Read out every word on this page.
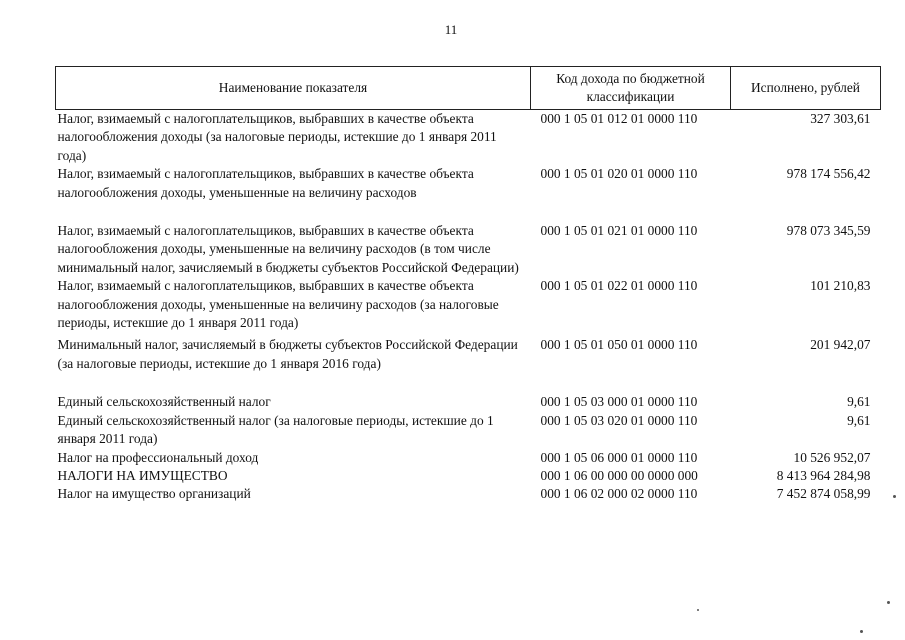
11
Наименование показателя	Код дохода по бюджетной классификации	Исполнено, рублей
Налог, взимаемый с налогоплательщиков, выбравших в качестве объекта налогообложения доходы (за налоговые периоды, истекшие до 1 января 2011 года)	000 1 05 01 012 01 0000 110	327 303,61
Налог, взимаемый с налогоплательщиков, выбравших в качестве объекта налогообложения доходы, уменьшенные на величину расходов	000 1 05 01 020 01 0000 110	978 174 556,42

Налог, взимаемый с налогоплательщиков, выбравших в качестве объекта налогообложения доходы, уменьшенные на величину расходов (в том числе минимальный налог, зачисляемый в бюджеты субъектов Российской Федерации)	000 1 05 01 021 01 0000 110	978 073 345,59
Налог, взимаемый с налогоплательщиков, выбравших в качестве объекта налогообложения доходы, уменьшенные на величину расходов (за налоговые периоды, истекшие до 1 января 2011 года)	000 1 05 01 022 01 0000 110	101 210,83

Минимальный налог, зачисляемый в бюджеты субъектов Российской Федерации (за налоговые периоды, истекшие до 1 января 2016 года)	000 1 05 01 050 01 0000 110	201 942,07

Единый сельскохозяйственный налог	000 1 05 03 000 01 0000 110	9,61
Единый сельскохозяйственный налог (за налоговые периоды, истекшие до 1 января 2011 года)	000 1 05 03 020 01 0000 110	9,61
Налог на профессиональный доход	000 1 05 06 000 01 0000 110	10 526 952,07
НАЛОГИ НА ИМУЩЕСТВО	000 1 06 00 000 00 0000 000	8 413 964 284,98
Налог на имущество организаций	000 1 06 02 000 02 0000 110	7 452 874 058,99
